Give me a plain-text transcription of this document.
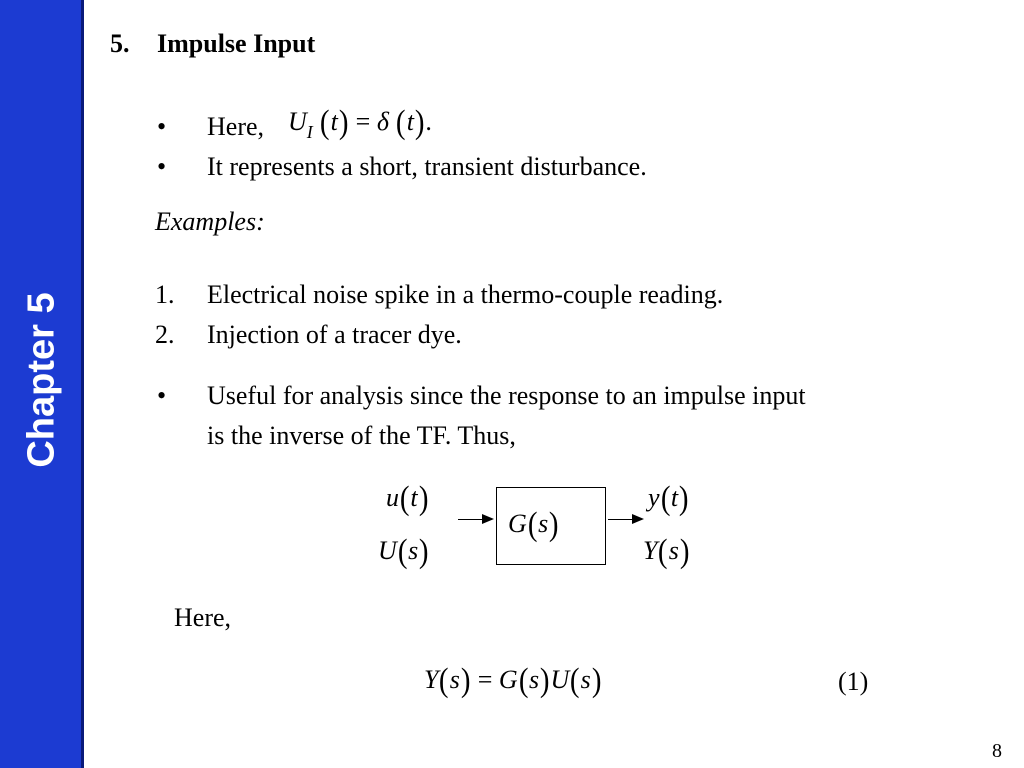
Chapter 5
5. Impulse Input
• Here, $U_I$ (t) = δ (t).
• It represents a short, transient disturbance.
Examples:
1. Electrical noise spike in a thermo-couple reading.
2. Injection of a tracer dye.
• Useful for analysis since the response to an impulse input
is the inverse of the TF. Thus,
u(t)
U(s)
G(s)
y(t)
Y(s)
Here,
Y(s) = G(s)U(s)	(1)
8
